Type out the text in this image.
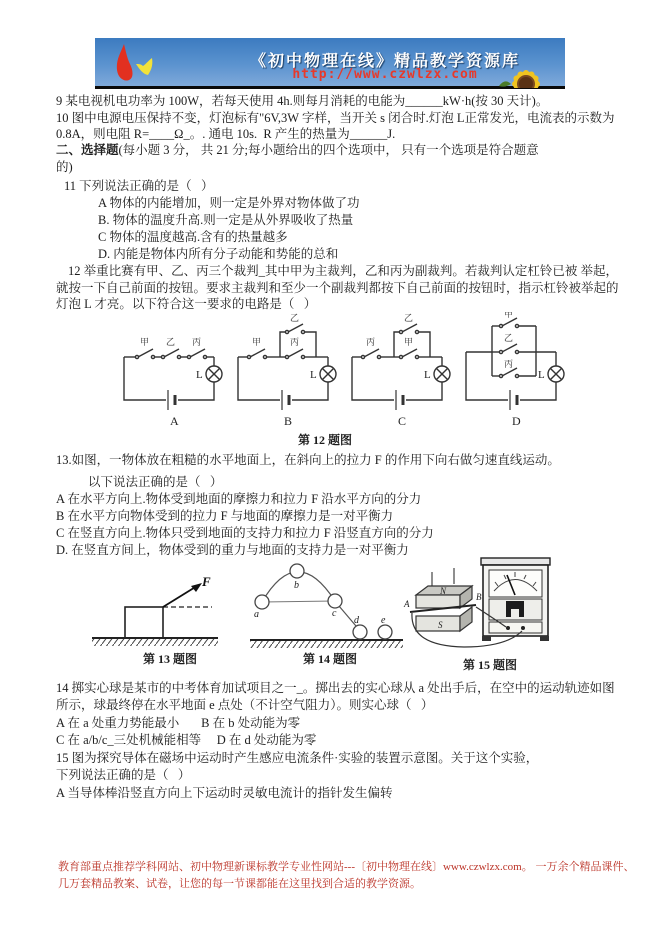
《初中物理在线》精品教学资源库
http://www.czwlzx.com
9 某电视机电功率为 100W，若每天使用 4h.则每月消耗的电能为______kW·h(按 30 天计)。
10 图中电源电压保持不变，灯泡标有"6V,3W 字样，当开关 s 闭合时.灯泡 L正常发光，电流表的示数为
0.8A，则电阻 R=____Ω_。. 通电 10s.  R 产生的热量为______J.
二、选择题(每小题 3 分， 共 21 分;每小题给出的四个选项中， 只有一个选项是符合题意
的)
11 下列说法正确的是（   ）
A 物体的内能增加，则一定是外界对物体做了功
B. 物体的温度升高.则一定是从外界吸收了热量
C 物体的温度越高.含有的热量越多
D. 内能是物体内所有分子动能和势能的总和
12 举重比赛有甲、乙、丙三个裁判_其中甲为主裁判，乙和丙为副裁判。若裁判认定杠铃已被 举起，
就按一下自己前面的按钮。要求主裁判和至少一个副裁判都按下自己前面的按钮时，指示杠铃被举起的
灯泡 L 才亮。以下符合这一要求的电路是（   ）
甲 乙 丙
L
A
甲
乙
丙
L
B
丙
乙
甲
L
C
甲
乙
丙
L
D
第 12 题图
13.如图，一物体放在粗糙的水平地面上，在斜向上的拉力 F 的作用下向右做匀速直线运动。
以下说法正确的是（   ）
A 在水平方向上.物体受到地面的摩擦力和拉力 F 沿水平方向的分力
B 在水平方向物体受到的拉力 F 与地面的摩擦力是一对平衡力
C 在竖直方向上.物体只受到地面的支持力和拉力 F 沿竖直方向的分力
D. 在竖直方间上，物体受到的重力与地面的支持力是一对平衡力
F
a
b
c
d e
N
S
A
B
第 13 题图	第 14 题图	第 15 题图
14 掷实心球是某市的中考体育加试项目之一_。掷出去的实心球从 a 处出手后，在空中的运动轨迹如图
所示，球最终停在水平地面 e 点处（不计空气阻力）。则实心球（   ）
A 在 a 处重力势能最小       B 在 b 处动能为零
C 在 a/b/c_三处机械能相等     D 在 d 处动能为零
15 图为探究导体在磁场中运动时产生感应电流条件·实验的装置示意图。关于这个实验，
下列说法正确的是（   ）
A 当导体棒沿竖直方向上下运动时灵敏电流计的指针发生偏转
教育部重点推荐学科网站、初中物理新课标教学专业性网站---〔初中物理在线〕www.czwlzx.com。 一万余个精品课件、
几万套精品教案、试卷，让您的每一节课都能在这里找到合适的教学资源。
